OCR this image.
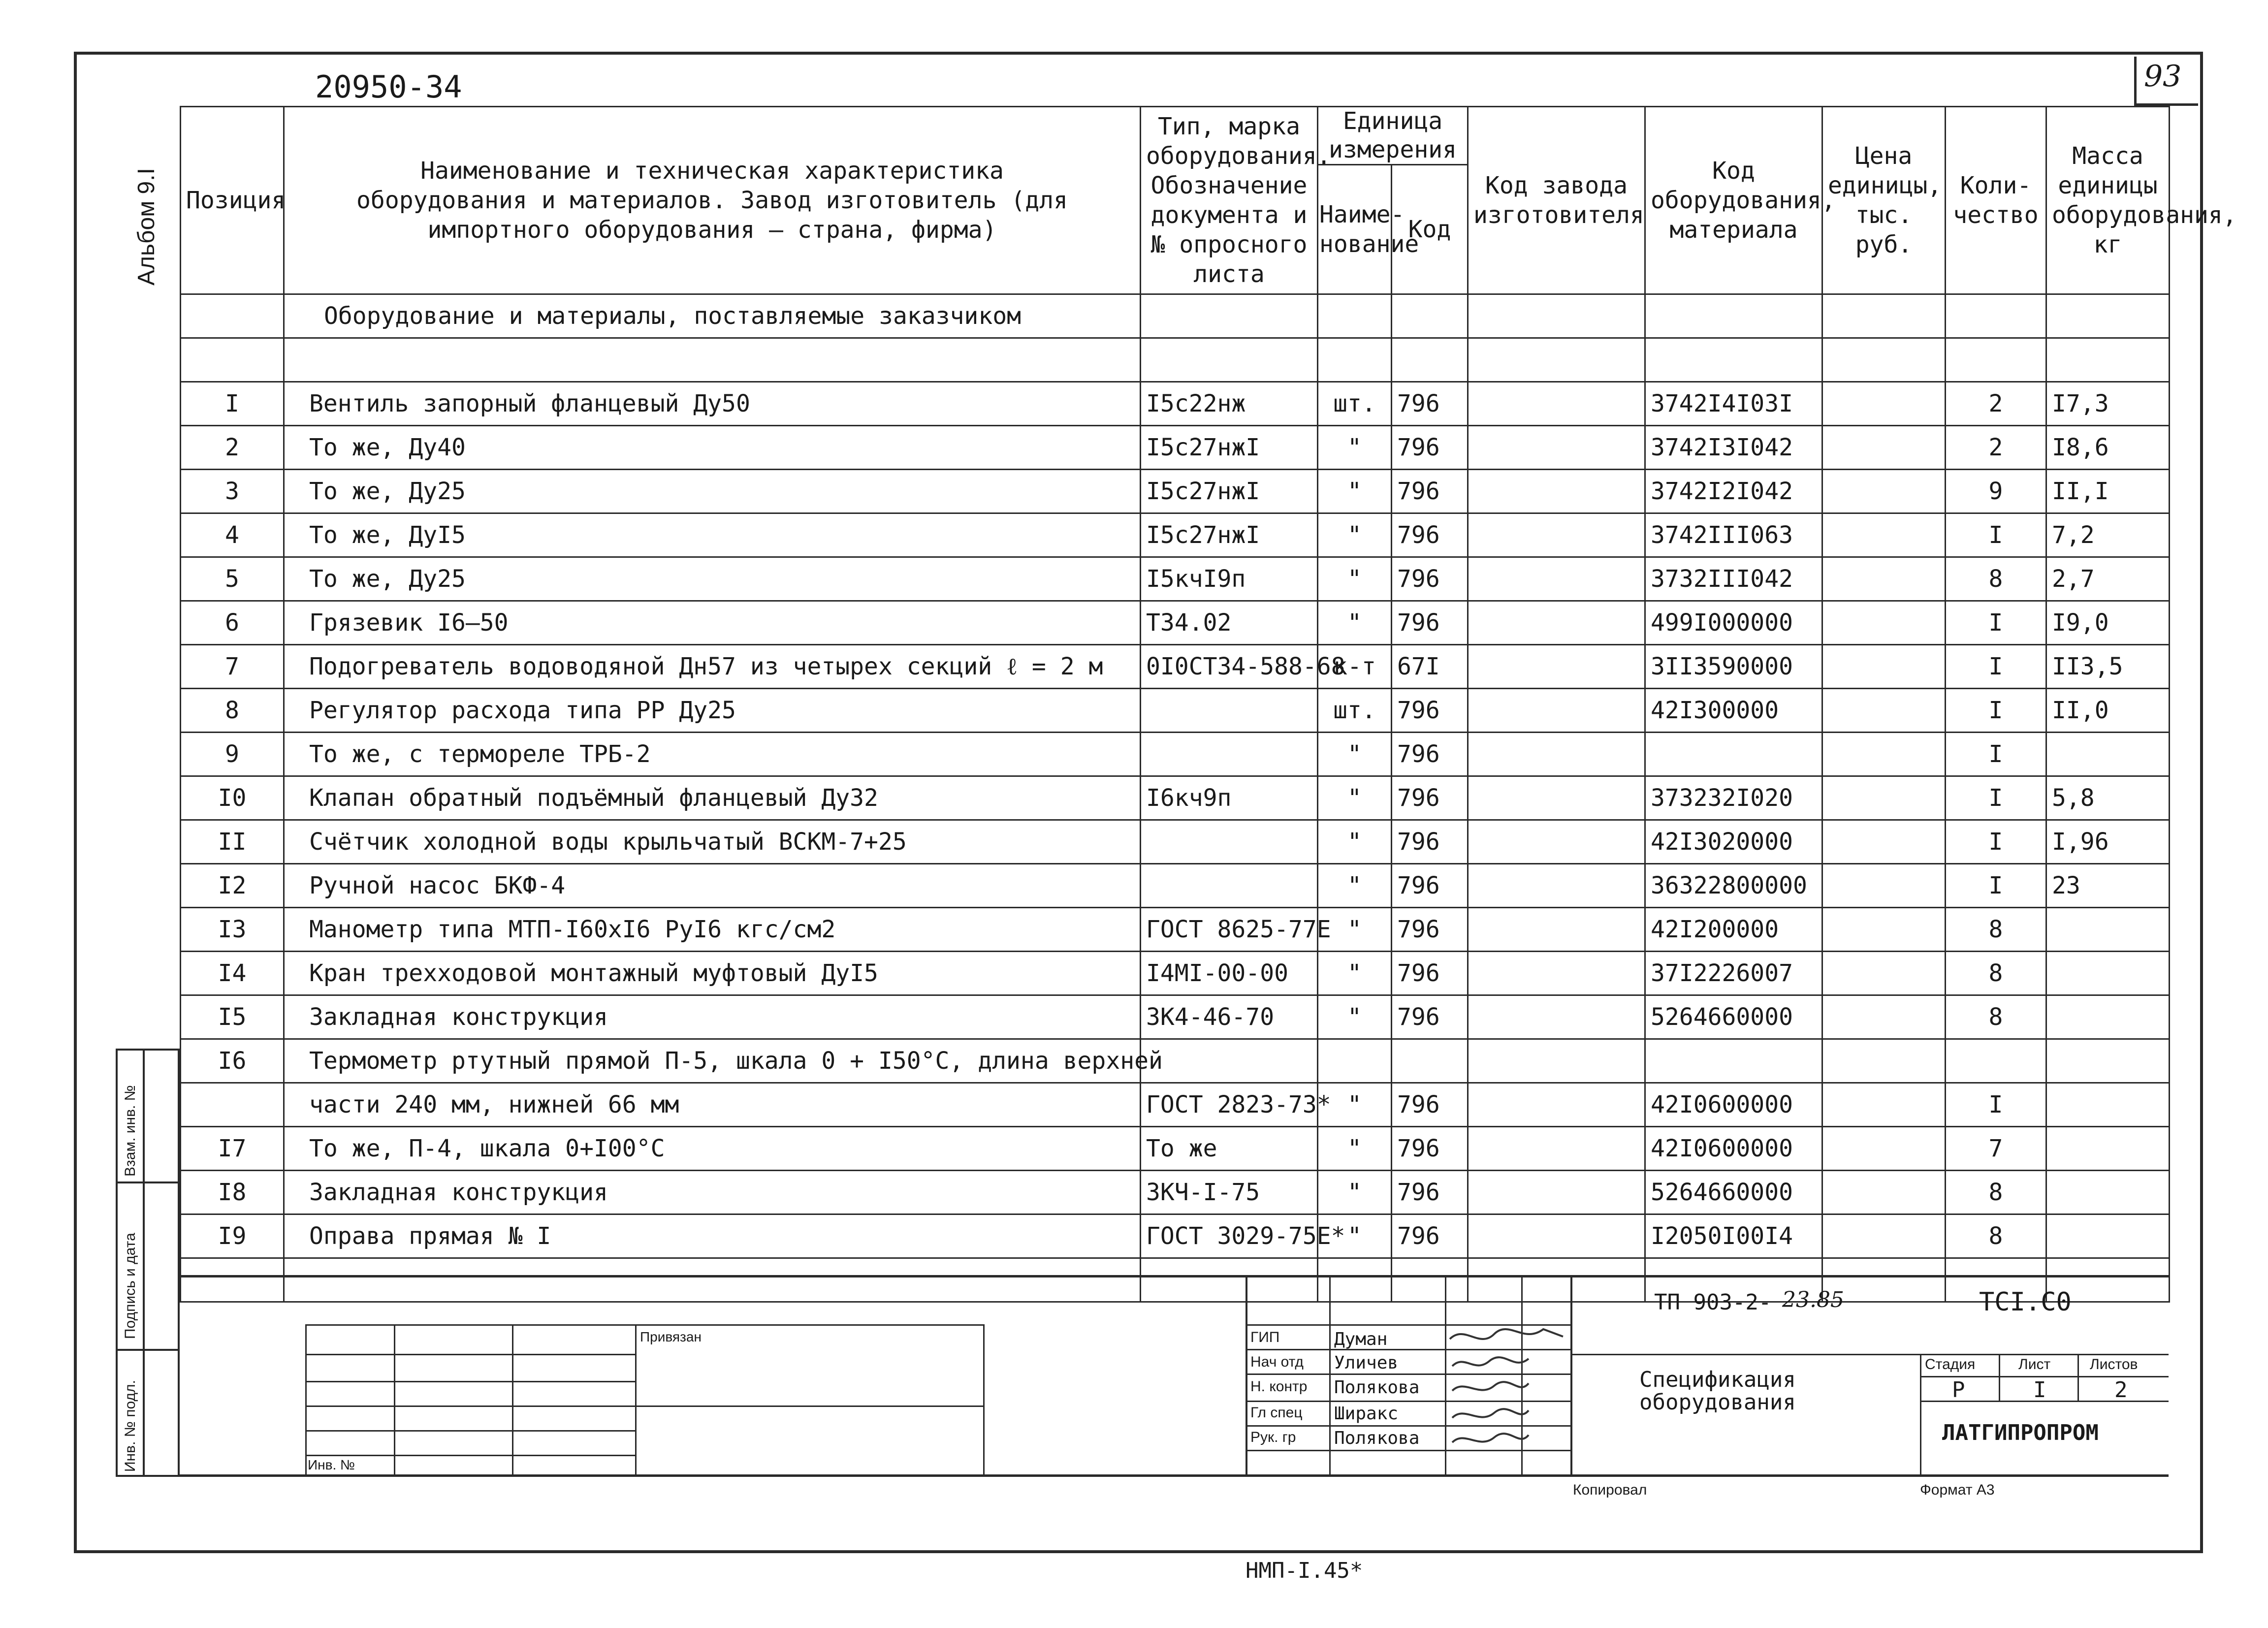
20950-34	93
Альбом 9.I Позиция	Наименование и техническая характеристика оборудования и материалов. Завод изготовитель (для импортного оборудования – страна, фирма)	Тип, марка оборудования. Обозначение документа и № опросного листа	Единица измерения		Код завода изготовителя	Код оборудования, материала	Цена единицы, тыс. руб.	Коли-чество	Масса единицы оборудования, кг
			Наиме-нование	Код					
	Оборудование и материалы, поставляемые заказчиком								

I	Вентиль запорный фланцевый Ду50	I5с22нж	шт.	796		3742I4I03I		2	I7,3
2	То же, Ду40	I5с27нжI	"	796		3742I3I042		2	I8,6
3	То же, Ду25	I5с27нжI	"	796		3742I2I042		9	II,I
4	То же, ДуI5	I5с27нжI	"	796		3742III063		I	7,2
5	То же, Ду25	I5кчI9п	"	796		3732III042		8	2,7
6	Грязевик I6–50	Т34.02	"	796		499I000000		I	I9,0
7	Подогреватель водоводяной Дн57 из четырех секций ℓ = 2 м	0I0СТ34-588-68	к-т	67I		3II3590000		I	II3,5
8	Регулятор расхода типа РР Ду25		шт.	796		42I300000		I	II,0
9	То же, с термореле ТРБ-2		"	796				I	
I0	Клапан обратный подъёмный фланцевый Ду32	I6кч9п	"	796		373232I020		I	5,8
II	Счётчик холодной воды крыльчатый ВСКМ-7+25		"	796		42I3020000		I	I,96
I2	Ручной насос БКФ-4		"	796		36322800000		I	23
I3	Манометр типа МТП-I60хI6 РуI6 кгс/см2	ГОСТ 8625-77Е	"	796		42I200000		8	
I4	Кран трехходовой монтажный муфтовый ДуI5	I4МI-00-00	"	796		37I2226007		8	
I5	Закладная конструкция	ЗК4-46-70	"	796		5264660000		8	
I6	Термометр ртутный прямой П-5, шкала 0 + I50°С, длина верхней								
	части 240 мм, нижней 66 мм	ГОСТ 2823-73*	"	796		42I0600000		I	
I7	То же, П-4, шкала 0+I00°С	То же	"	796		42I0600000		7	
I8	Закладная конструкция	ЗКЧ-I-75	"	796		5264660000		8	
I9	Оправа прямая № I	ГОСТ 3029-75Е*	"	796		I2050I00I4		8	

Взам. инв. №
Подпись и дата
Инв. № подл.
Привязан
Инв. №
ГИП
Нач отд
Н. контр
Гл спец
Рук. гр
Думан
Уличев
Полякова
Ширакс
Полякова
ТП 903-2- 23.85	ТСI.С0
Спецификация оборудования
Стадия	Лист	Листов
Р	I	2
ЛАТГИПРОПРОМ
Копировал	Формат А3
НМП-I.45*
